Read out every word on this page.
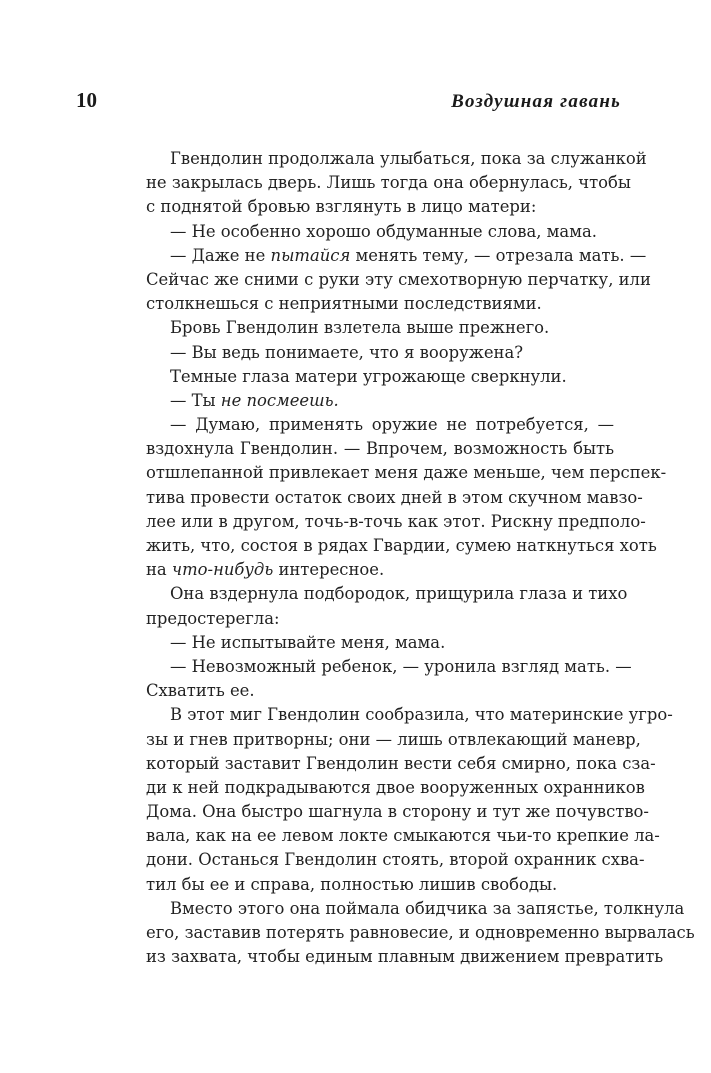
10	Воздушная гавань
Гвендолин продолжала улыбаться, пока за служанкой
не закрылась дверь. Лишь тогда она обернулась, чтобы
с поднятой бровью взглянуть в лицо матери:
— Не особенно хорошо обдуманные слова, мама.
— Даже не пытайся менять тему, — отрезала мать. —
Сейчас же сними с руки эту смехотворную перчатку, или
столкнешься с неприятными последствиями.
Бровь Гвендолин взлетела выше прежнего.
— Вы ведь понимаете, что я вооружена?
Темные глаза матери угрожающе сверкнули.
— Ты не посмеешь.
— Думаю, применять оружие не потребуется, —
вздохнула Гвендолин. — Впрочем, возможность быть
отшлепанной привлекает меня даже меньше, чем перспек-
тива провести остаток своих дней в этом скучном мавзо-
лее или в другом, точь-в-точь как этот. Рискну предполо-
жить, что, состоя в рядах Гвардии, сумею наткнуться хоть
на что-нибудь интересное.
Она вздернула подбородок, прищурила глаза и тихо
предостерегла:
— Не испытывайте меня, мама.
— Невозможный ребенок, — уронила взгляд мать. —
Схватить ее.
В этот миг Гвендолин сообразила, что материнские угро-
зы и гнев притворны; они — лишь отвлекающий маневр,
который заставит Гвендолин вести себя смирно, пока сза-
ди к ней подкрадываются двое вооруженных охранников
Дома. Она быстро шагнула в сторону и тут же почувство-
вала, как на ее левом локте смыкаются чьи-то крепкие ла-
дони. Останься Гвендолин стоять, второй охранник схва-
тил бы ее и справа, полностью лишив свободы.
Вместо этого она поймала обидчика за запястье, толкнула
его, заставив потерять равновесие, и одновременно вырвалась
из захвата, чтобы единым плавным движением превратить
